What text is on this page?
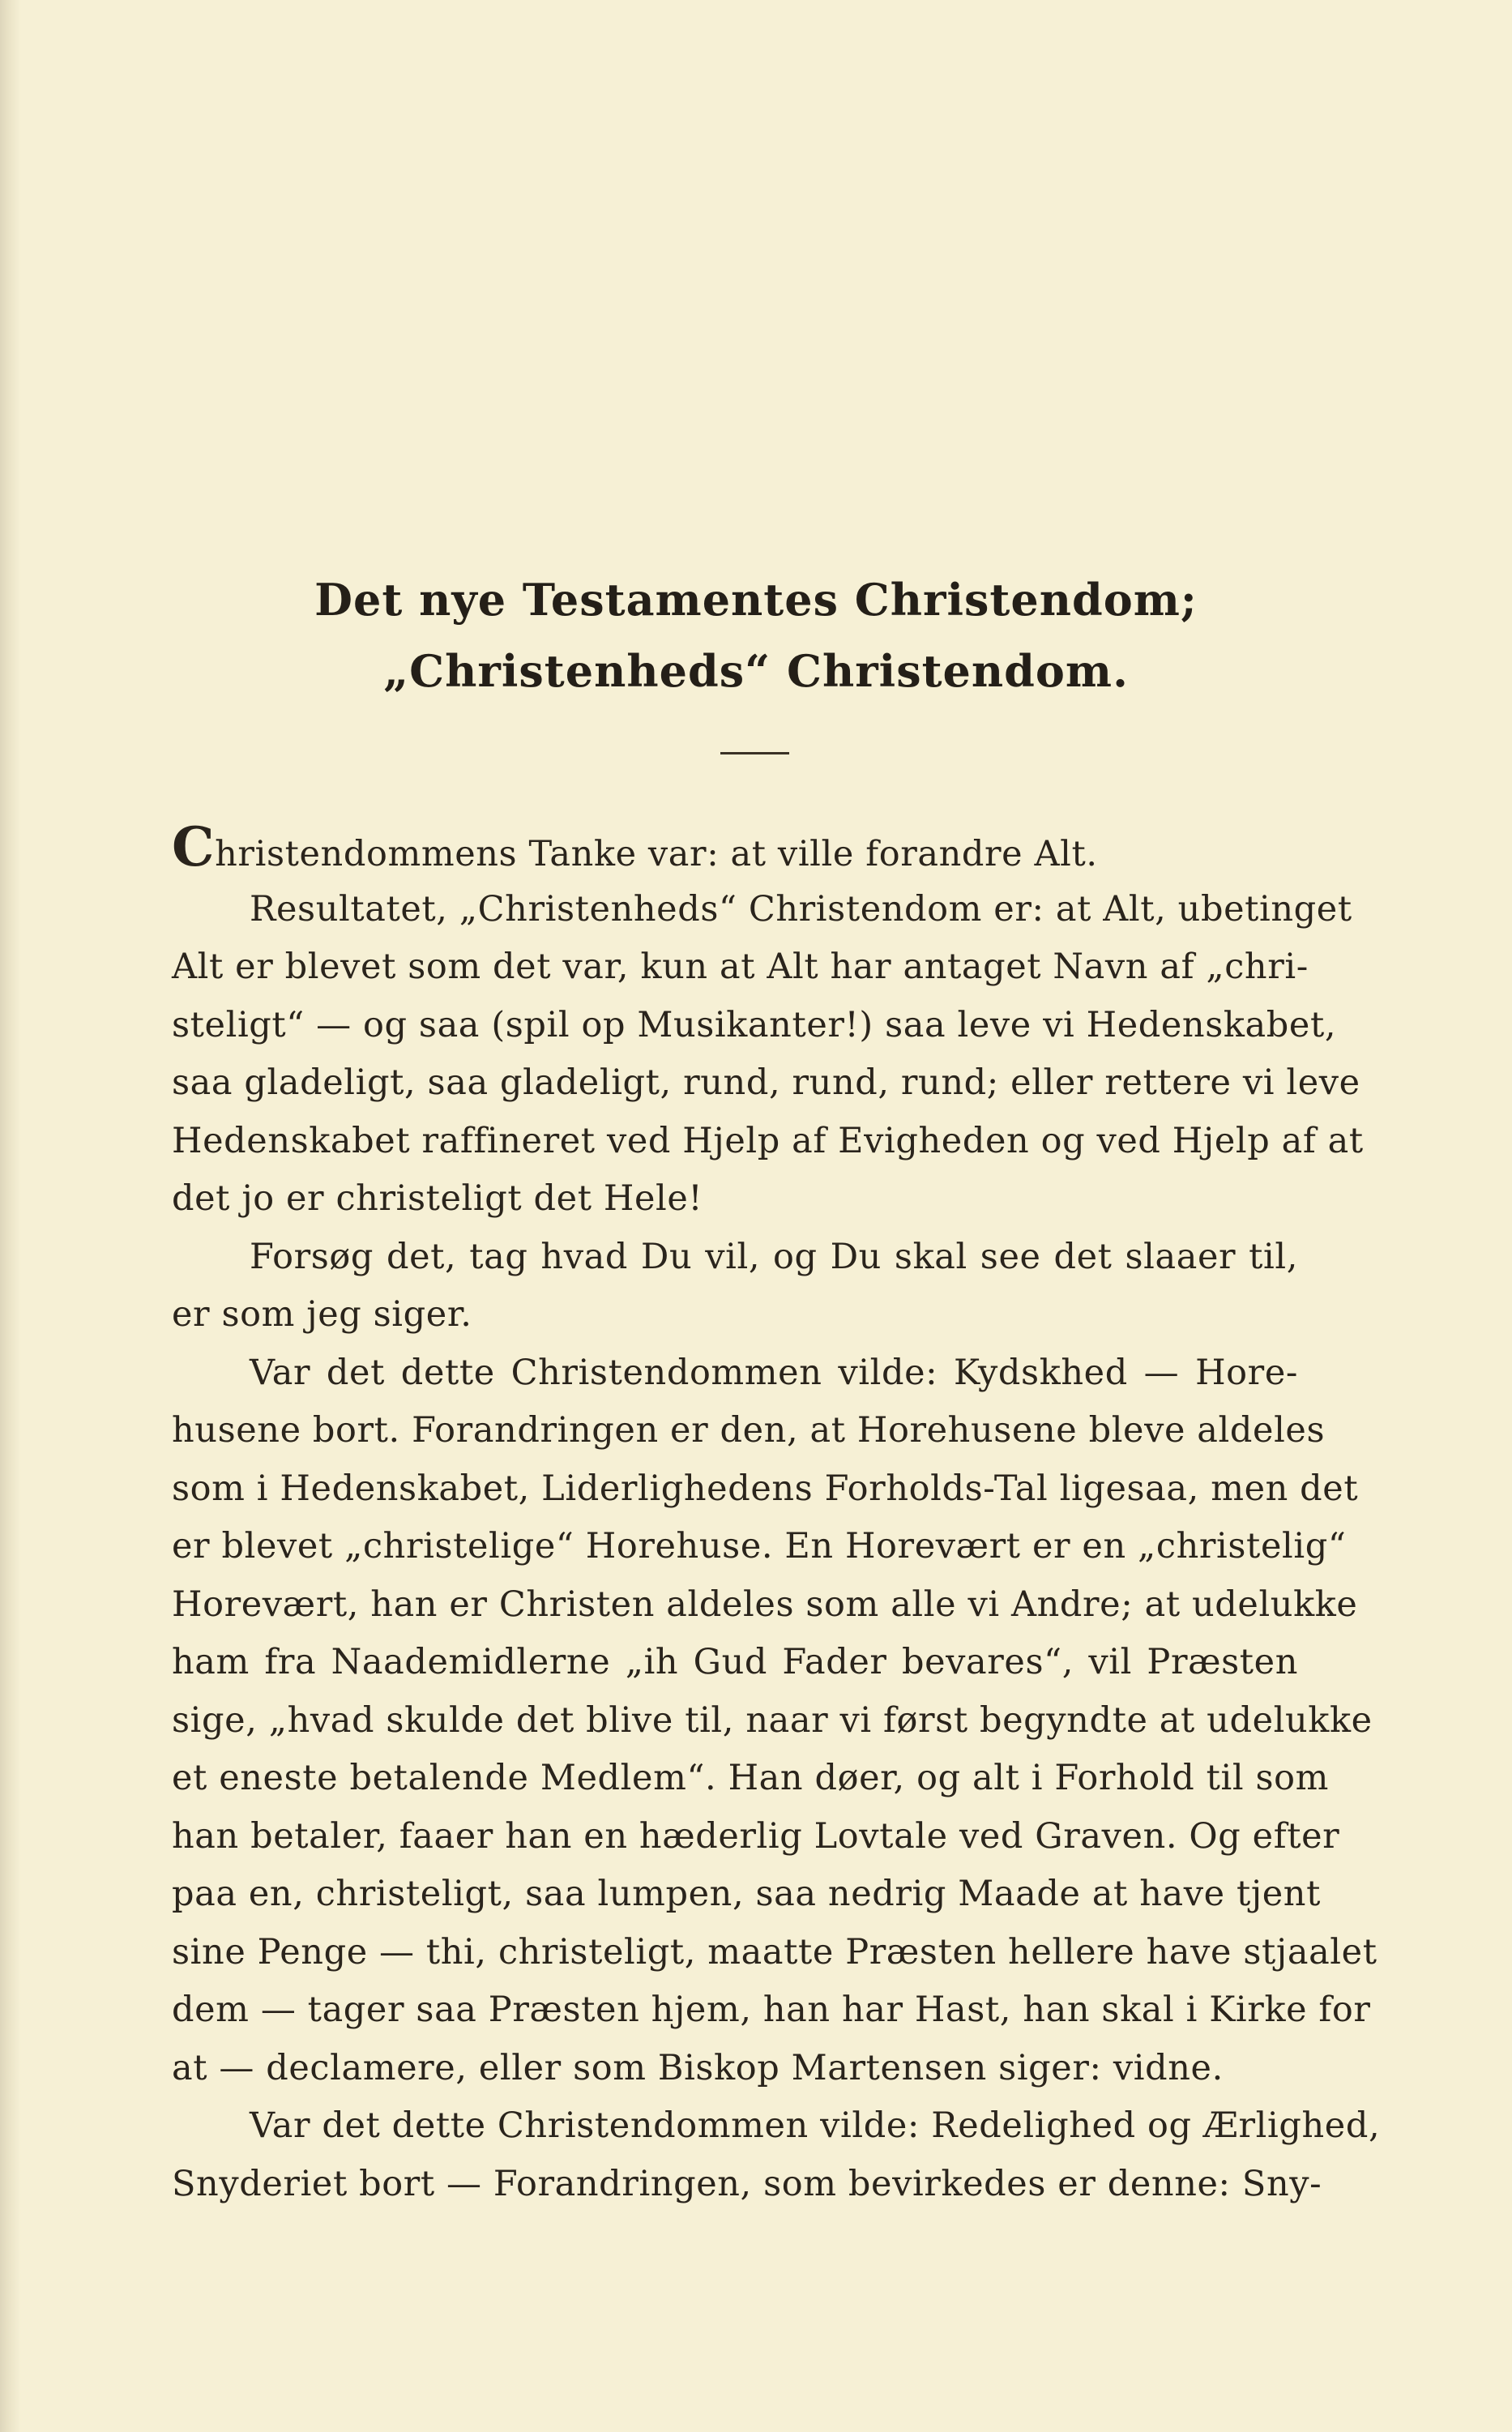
Det nye Testamentes Christendom;
„Christenheds“ Christendom.
Christendommens Tanke var: at ville forandre Alt.
Resultatet, „Christenheds“ Christendom er: at Alt, ubetinget
Alt er blevet som det var, kun at Alt har antaget Navn af „chri-
steligt“ — og saa (spil op Musikanter!) saa leve vi Hedenskabet,
saa gladeligt, saa gladeligt, rund, rund, rund; eller rettere vi leve
Hedenskabet raffineret ved Hjelp af Evigheden og ved Hjelp af at
det jo er christeligt det Hele!
Forsøg det, tag hvad Du vil, og Du skal see det slaaer til,
er som jeg siger.
Var det dette Christendommen vilde: Kydskhed — Hore-
husene bort. Forandringen er den, at Horehusene bleve aldeles
som i Hedenskabet, Liderlighedens Forholds-Tal ligesaa, men det
er blevet „christelige“ Horehuse. En Horevært er en „christelig“
Horevært, han er Christen aldeles som alle vi Andre; at udelukke
ham fra Naademidlerne „ih Gud Fader bevares“, vil Præsten
sige, „hvad skulde det blive til, naar vi først begyndte at udelukke
et eneste betalende Medlem“. Han døer, og alt i Forhold til som
han betaler, faaer han en hæderlig Lovtale ved Graven. Og efter
paa en, christeligt, saa lumpen, saa nedrig Maade at have tjent
sine Penge — thi, christeligt, maatte Præsten hellere have stjaalet
dem — tager saa Præsten hjem, han har Hast, han skal i Kirke for
at — declamere, eller som Biskop Martensen siger: vidne.
Var det dette Christendommen vilde: Redelighed og Ærlighed,
Snyderiet bort — Forandringen, som bevirkedes er denne: Sny-
